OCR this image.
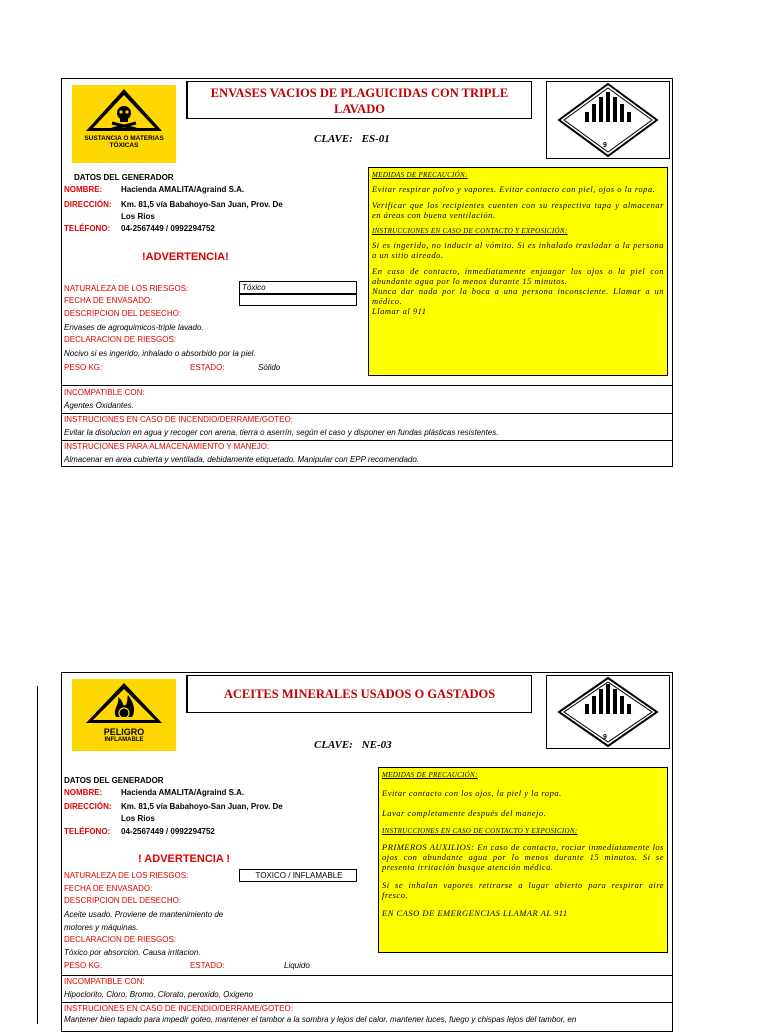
SUSTANCIA O MATERIAS TÓXICAS
ENVASES VACIOS DE PLAGUICIDAS CON TRIPLE LAVADO
9
CLAVE: ES-01
DATOS DEL GENERADOR
NOMBRE: Hacienda AMALITA/Agraind S.A.
DIRECCIÓN: Km. 81,5 vía Babahoyo-San Juan, Prov. De
Los Rios
TELÉFONO: 04-2567449 / 0992294752
!ADVERTENCIA!
NATURALEZA DE LOS RIESGOS:	Tóxico
FECHA DE ENVASADO:
DESCRIPCION DEL DESECHO:
Envases de agroquimicos-triple lavado.
DECLARACION DE RIESGOS:
Nocivo si es ingerido, inhalado o absorbido por la piel.
PESO KG:	ESTADO:	Sólido

MEDIDAS DE PRECAUCIÓN:

Evitar respirar polvo y vapores. Evitar contacto con piel, ojos o la ropa.

Verificar que los recipientes cuenten con su respectiva tapa y almacenar en áreas con buena ventilación.

INSTRUCCIONES EN CASO DE CONTACTO Y EXPOSICIÓN:

Si es ingerido, no inducir al vómito. Si es inhalado trasladar a la persona a un sitio aireado.

En caso de contacto, inmediatamente enjuagar los ojos o la piel con abundante agua por lo menos durante 15 minutos.

Nunca dar nada por la boca a una persona inconsciente. Llamar a un médico.

Llamar al 911

INCOMPATIBLE CON:
Agentes Oxidantes.
INSTRUCIONES EN CASO DE INCENDIO/DERRAME/GOTEO:
Evitar la disolucion en agua y recoger con arena, tierra o aserrín, según el caso y disponer en fundas plásticas resistentes.
INSTRUCIONES PARA ALMACENAMIENTO Y MANEJO:
Almacenar en area cubierta y ventilada, debidamente etiquetado. Manipular con EPP recomendado.
PELIGRO
INFLAMABLE
ACEITES MINERALES USADOS O GASTADOS
9
CLAVE: NE-03
DATOS DEL GENERADOR
NOMBRE: Hacienda AMALITA/Agraind S.A.
DIRECCIÓN: Km. 81,5 vía Babahoyo-San Juan, Prov. De
Los Rios
TELÉFONO: 04-2567449 / 0992294752
! ADVERTENCIA !
NATURALEZA DE LOS RIESGOS:	TOXICO / INFLAMABLE
FECHA DE ENVASADO:
DESCRIPCION DEL DESECHO:
Aceite usado. Proviene de mantenimiento de
motores y máquinas.
DECLARACION DE RIESGOS:
Tóxico por absorcion. Causa irritacion.
PESO KG:	ESTADO:	Liquido

MEDIDAS DE PRECAUCIÓN:

Evitar contacto con los ojos, la piel y la ropa.

Lavar completamente después del manejo.

INSTRUCCIONES EN CASO DE CONTACTO Y EXPOSICION:

PRIMEROS AUXILIOS: En caso de contacto, rociar inmediatamente los ojos con abundante agua por lo menos durante 15 minutos. Si se presenta irritación busque atención médica.

Si se inhalan vapores retirarse a lugar abierto para respirar aire fresco.

EN CASO DE EMERGENCIAS LLAMAR AL 911

INCOMPATIBLE CON:
Hipoclorito, Cloro, Bromo, Clorato, peroxido, Oxigeno
INSTRUCIONES EN CASO DE INCENDIO/DERRAME/GOTEO:
Mantener bien tapado para impedir goteo, mantener el tambor a la sombra y lejos del calor, mantener luces, fuego y chispas lejos del tambor, en
